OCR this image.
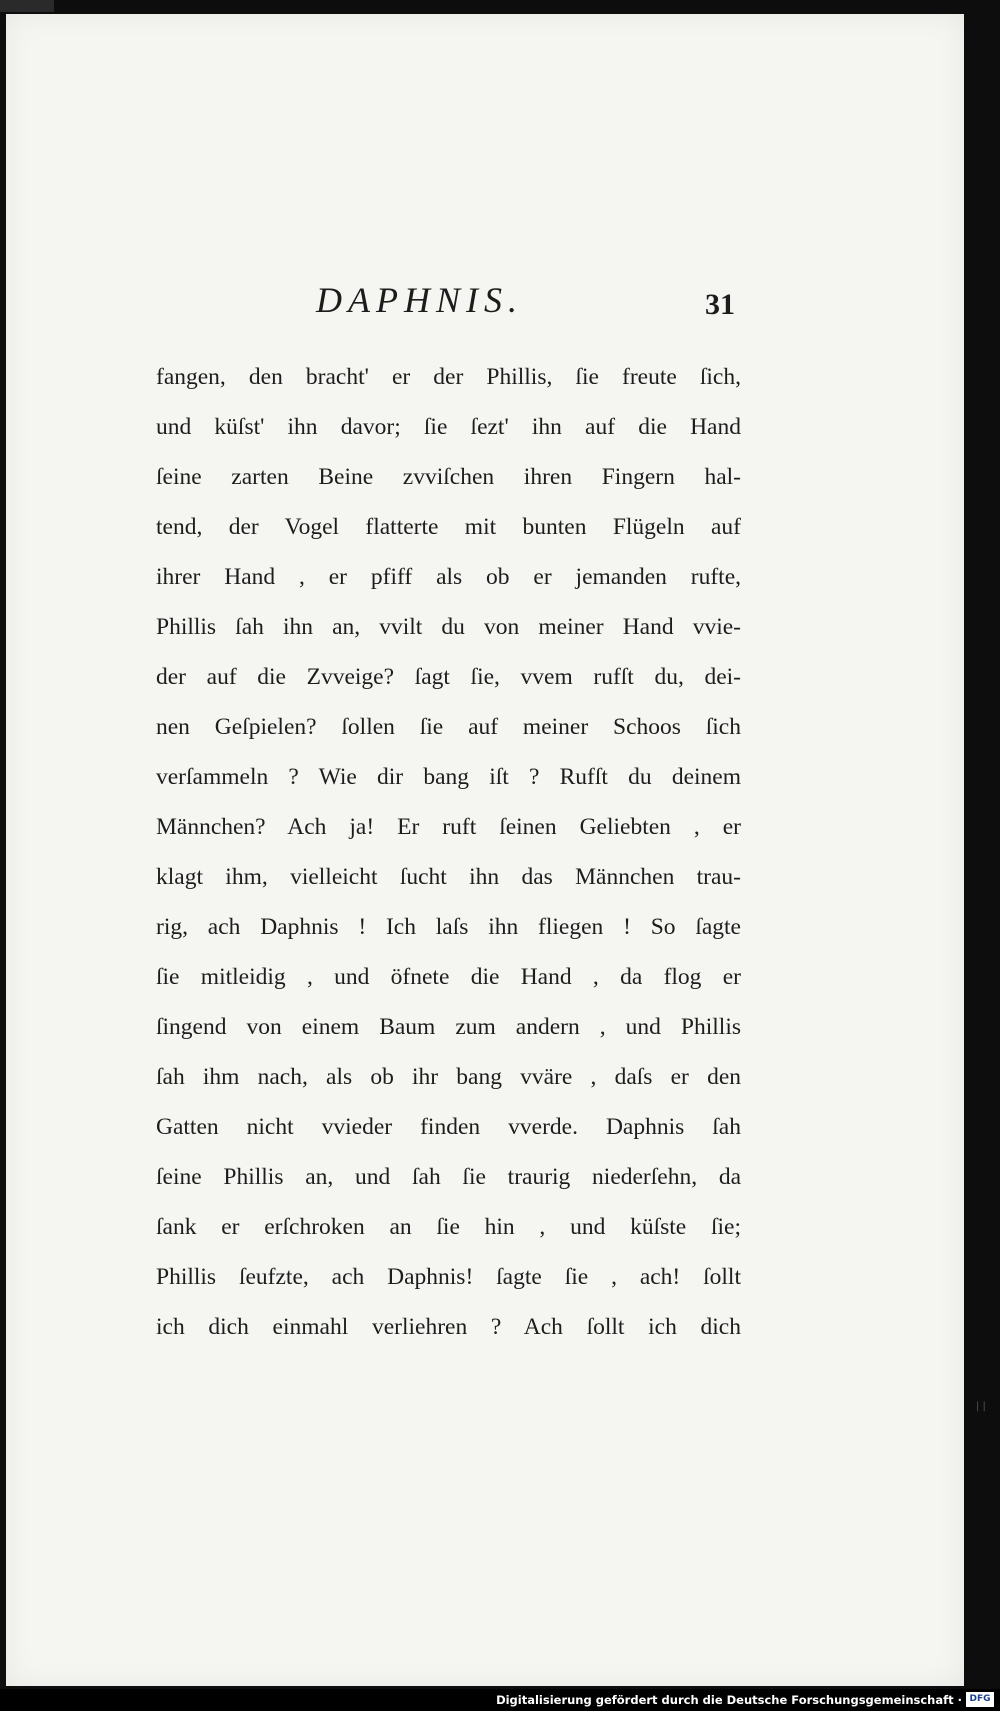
DAPHNIS.	31
fangen, den bracht' er der Phillis, ſie freute ſich,
und küſst' ihn davor; ſie ſezt' ihn auf die Hand
ſeine zarten Beine zvviſchen ihren Fingern hal-
tend, der Vogel flatterte mit bunten Flügeln auf
ihrer Hand , er pfiff als ob er jemanden rufte,
Phillis ſah ihn an, vvilt du von meiner Hand vvie-
der auf die Zvveige? ſagt ſie, vvem rufſt du, dei-
nen Geſpielen? ſollen ſie auf meiner Schoos ſich
verſammeln ? Wie dir bang iſt ? Rufſt du deinem
Männchen? Ach ja! Er ruft ſeinen Geliebten , er
klagt ihm, vielleicht ſucht ihn das Männchen trau-
rig, ach Daphnis ! Ich laſs ihn fliegen ! So ſagte
ſie mitleidig , und öfnete die Hand , da flog er
ſingend von einem Baum zum andern , und Phillis
ſah ihm nach, als ob ihr bang vväre , daſs er den
Gatten nicht vvieder finden vverde. Daphnis ſah
ſeine Phillis an, und ſah ſie traurig niederſehn, da
ſank er erſchroken an ſie hin , und küſste ſie;
Phillis ſeufzte, ach Daphnis! ſagte ſie , ach! ſollt
ich dich einmahl verliehren ? Ach ſollt ich dich
| |
Digitalisierung gefördert durch die Deutsche Forschungsgemeinschaft · DFG
